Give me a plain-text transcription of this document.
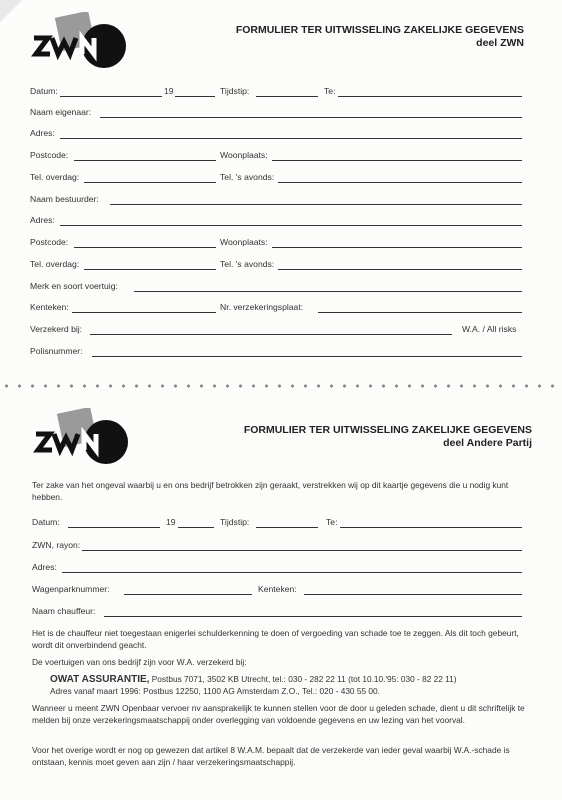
FORMULIER TER UITWISSELING ZAKELIJKE GEGEVENS
deel ZWN
Datum:	19	Tijdstip:	Te:
Naam eigenaar:
Adres:
Postcode:	Woonplaats:
Tel. overdag:	Tel. 's avonds:
Naam bestuurder:
Adres:
Postcode:	Woonplaats:
Tel. overdag:	Tel. 's avonds:
Merk en soort voertuig:
Kenteken:	Nr. verzekeringsplaat:
Verzekerd bij:	W.A. / All risks
Polisnummer:
FORMULIER TER UITWISSELING ZAKELIJKE GEGEVENS
deel Andere Partij
Ter zake van het ongeval waarbij u en ons bedrijf betrokken zijn geraakt, verstrekken wij op dit kaartje gegevens die u nodig kunt hebben.
Datum:	19	Tijdstip:	Te:
ZWN, rayon:
Adres:
Wagenparknummer:	Kenteken:
Naam chauffeur:
Het is de chauffeur niet toegestaan enigerlei schulderkenning te doen of vergoeding van schade toe te zeggen. Als dit toch gebeurt, wordt dit onverbindend geacht.
De voertuigen van ons bedrijf zijn voor W.A. verzekerd bij:
OWAT ASSURANTIE, Postbus 7071, 3502 KB Utrecht, tel.: 030 - 282 22 11 (tot 10.10.'95: 030 - 82 22 11)
Adres vanaf maart 1996: Postbus 12250, 1100 AG Amsterdam Z.O., Tel.: 020 - 430 55 00.
Wanneer u meent ZWN Openbaar vervoer nv aansprakelijk te kunnen stellen voor de door u geleden schade, dient u dit schriftelijk te melden bij onze verzekeringsmaatschappij onder overlegging van voldoende gegevens en uw lezing van het voorval.
Voor het overige wordt er nog op gewezen dat artikel 8 W.A.M. bepaalt dat de verzekerde van ieder geval waarbij W.A.-schade is ontstaan, kennis moet geven aan zijn / haar verzekeringsmaatschappij.
